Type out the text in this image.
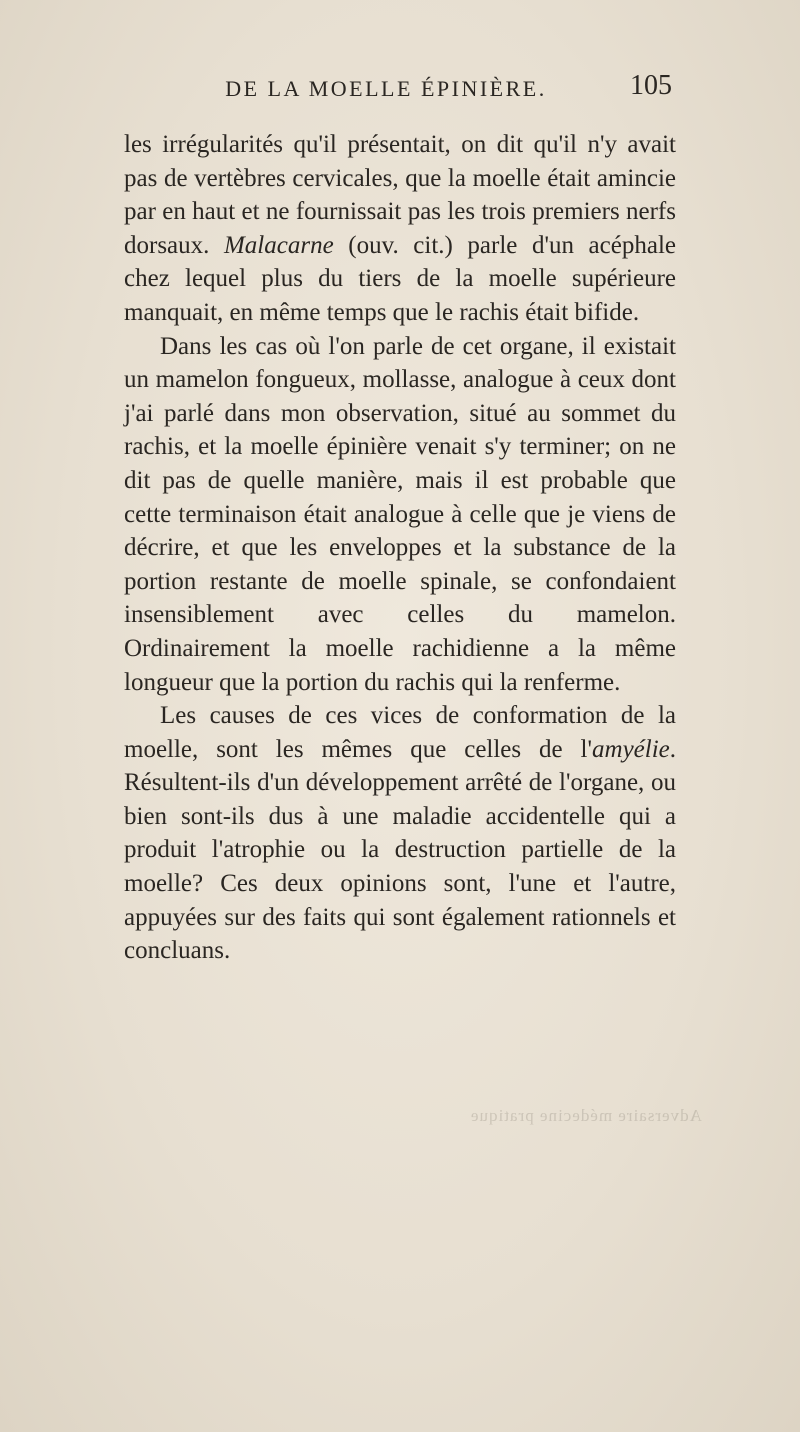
DE LA MOELLE ÉPINIÈRE.	105

les irrégularités qu'il présentait, on dit qu'il n'y avait pas de vertèbres cervicales, que la moelle était amincie par en haut et ne fournissait pas les trois premiers nerfs dorsaux. Malacarne (ouv. cit.) parle d'un acéphale chez lequel plus du tiers de la moelle supérieure manquait, en même temps que le rachis était bifide.

Dans les cas où l'on parle de cet organe, il existait un mamelon fongueux, mollasse, analogue à ceux dont j'ai parlé dans mon observation, situé au sommet du rachis, et la moelle épinière venait s'y terminer; on ne dit pas de quelle manière, mais il est probable que cette terminaison était analogue à celle que je viens de décrire, et que les enveloppes et la substance de la portion restante de moelle spinale, se confondaient insensiblement avec celles du mamelon. Ordinairement la moelle rachidienne a la même longueur que la portion du rachis qui la renferme.

Les causes de ces vices de conformation de la moelle, sont les mêmes que celles de l'amyélie. Résultent-ils d'un développement arrêté de l'organe, ou bien sont-ils dus à une maladie accidentelle qui a produit l'atrophie ou la destruction partielle de la moelle? Ces deux opinions sont, l'une et l'autre, appuyées sur des faits qui sont également rationnels et concluans.

Adversaire médecine pratique
